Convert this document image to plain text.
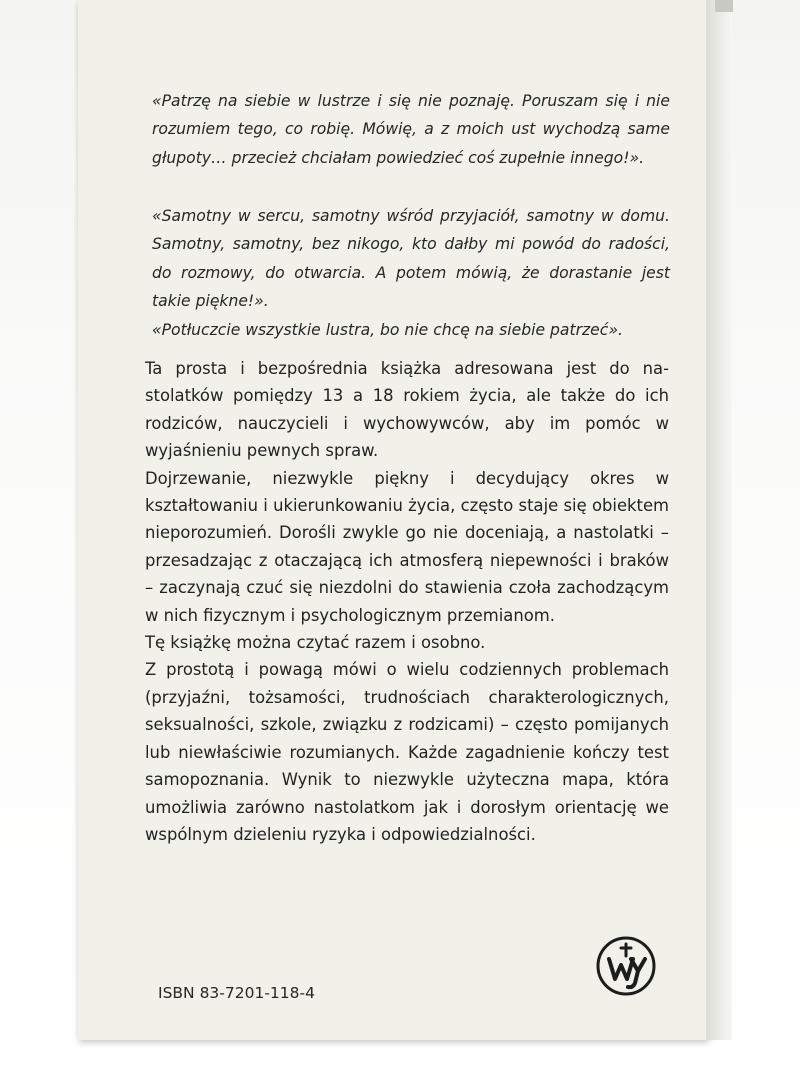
«Patrzę na siebie w lustrze i się nie poznaję. Poruszam się i nie rozumiem tego, co robię. Mówię, a z moich ust wychodzą same głupoty… przecież chciałam powiedzieć coś zupełnie innego!».

«Samotny w sercu, samotny wśród przyjaciół, samotny w domu. Samotny, samotny, bez nikogo, kto dałby mi powód do radości, do rozmowy, do otwarcia. A potem mówią, że dorastanie jest takie piękne!».

«Potłuczcie wszystkie lustra, bo nie chcę na siebie patrzeć».

Ta prosta i bezpośrednia książka adresowana jest do nastolatków pomiędzy 13 a 18 rokiem życia, ale także do ich rodziców, nauczycieli i wychowywców, aby im pomóc w wyjaśnieniu pewnych spraw.

Dojrzewanie, niezwykle piękny i decydujący okres w kształtowaniu i ukierunkowaniu życia, często staje się obiektem nieporozumień. Dorośli zwykle go nie doceniają, a nastolatki – przesadzając z otaczającą ich atmosferą niepewności i braków – zaczynają czuć się niezdolni do stawienia czoła zachodzącym w nich fizycznym i psychologicznym przemianom.

Tę książkę można czytać razem i osobno.

Z prostotą i powagą mówi o wielu codziennych problemach (przyjaźni, tożsamości, trudnościach charakterologicznych, seksualności, szkole, związku z rodzicami) – często pomijanych lub niewłaściwie rozumianych. Każde zagadnienie kończy test samopoznania. Wynik to niezwykle użyteczna mapa, która umożliwia zarówno nastolatkom jak i dorosłym orientację we wspólnym dzieleniu ryzyka i odpowiedzialności.

ISBN 83-7201-118-4
